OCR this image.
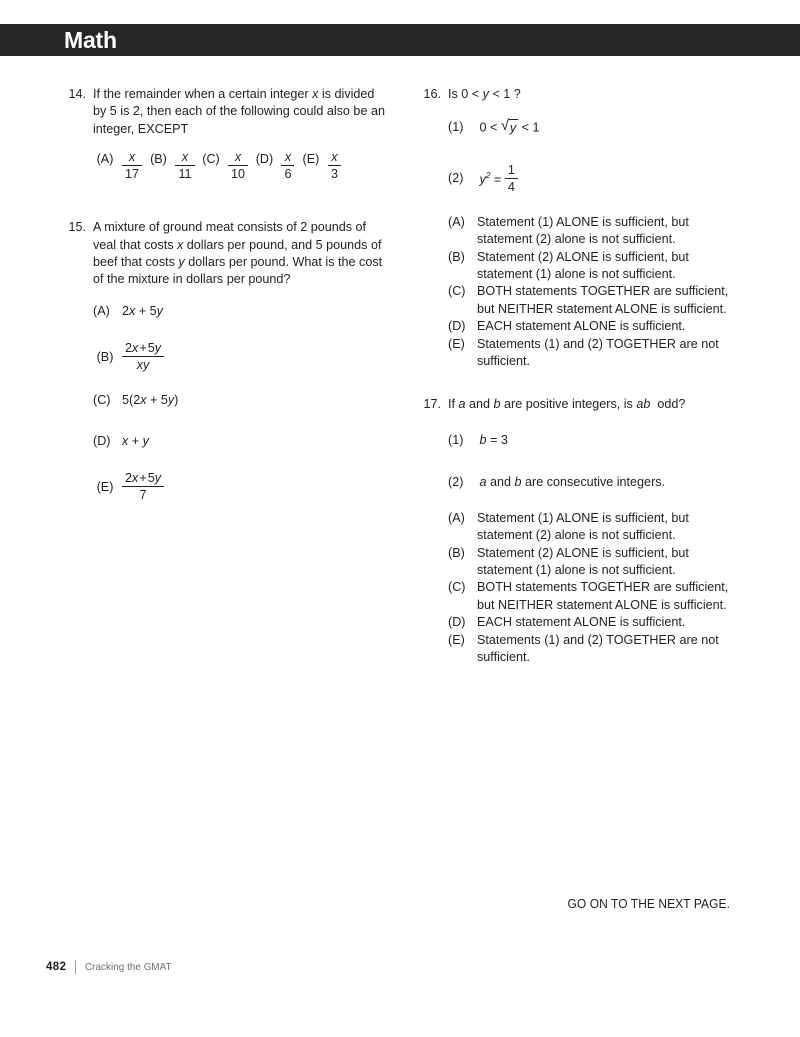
Math
14. If the remainder when a certain integer x is divided by 5 is 2, then each of the following could also be an integer, EXCEPT
$(A) \frac{x}{17}$
$(B) \frac{x}{11}$
$(C) \frac{x}{10}$
$(D) \frac{x}{6}$
$(E) \frac{x}{3}$
15. A mixture of ground meat consists of 2 pounds of veal that costs x dollars per pound, and 5 pounds of beef that costs y dollars per pound. What is the cost of the mixture in dollars per pound?
(A) 2x + 5y
$(B) \frac{2x + 5y}{xy}$
(C) 5(2x + 5y)
(D) x + y
$(E) \frac{2x + 5y}{7}$
16. Is 0 < y < 1 ?
(1) 0 < √ y < 1
(2)	$y^2 = \frac{1}{4}$
(A) Statement (1) ALONE is sufficient, but statement (2) alone is not sufficient.
(B) Statement (2) ALONE is sufficient, but statement (1) alone is not sufficient.
(C) BOTH statements TOGETHER are sufficient, but NEITHER statement ALONE is sufficient.
(D) EACH statement ALONE is sufficient.
(E) Statements (1) and (2) TOGETHER are not sufficient.
17. If a and b are positive integers, is ab  odd?
(1)	b = 3
(2)	a and b are consecutive integers.
(A) Statement (1) ALONE is sufficient, but statement (2) alone is not sufficient.
(B) Statement (2) ALONE is sufficient, but statement (1) alone is not sufficient.
(C) BOTH statements TOGETHER are sufficient, but NEITHER statement ALONE is sufficient.
(D) EACH statement ALONE is sufficient.
(E) Statements (1) and (2) TOGETHER are not sufficient.
GO ON TO THE NEXT PAGE.
482 Cracking the GMAT
